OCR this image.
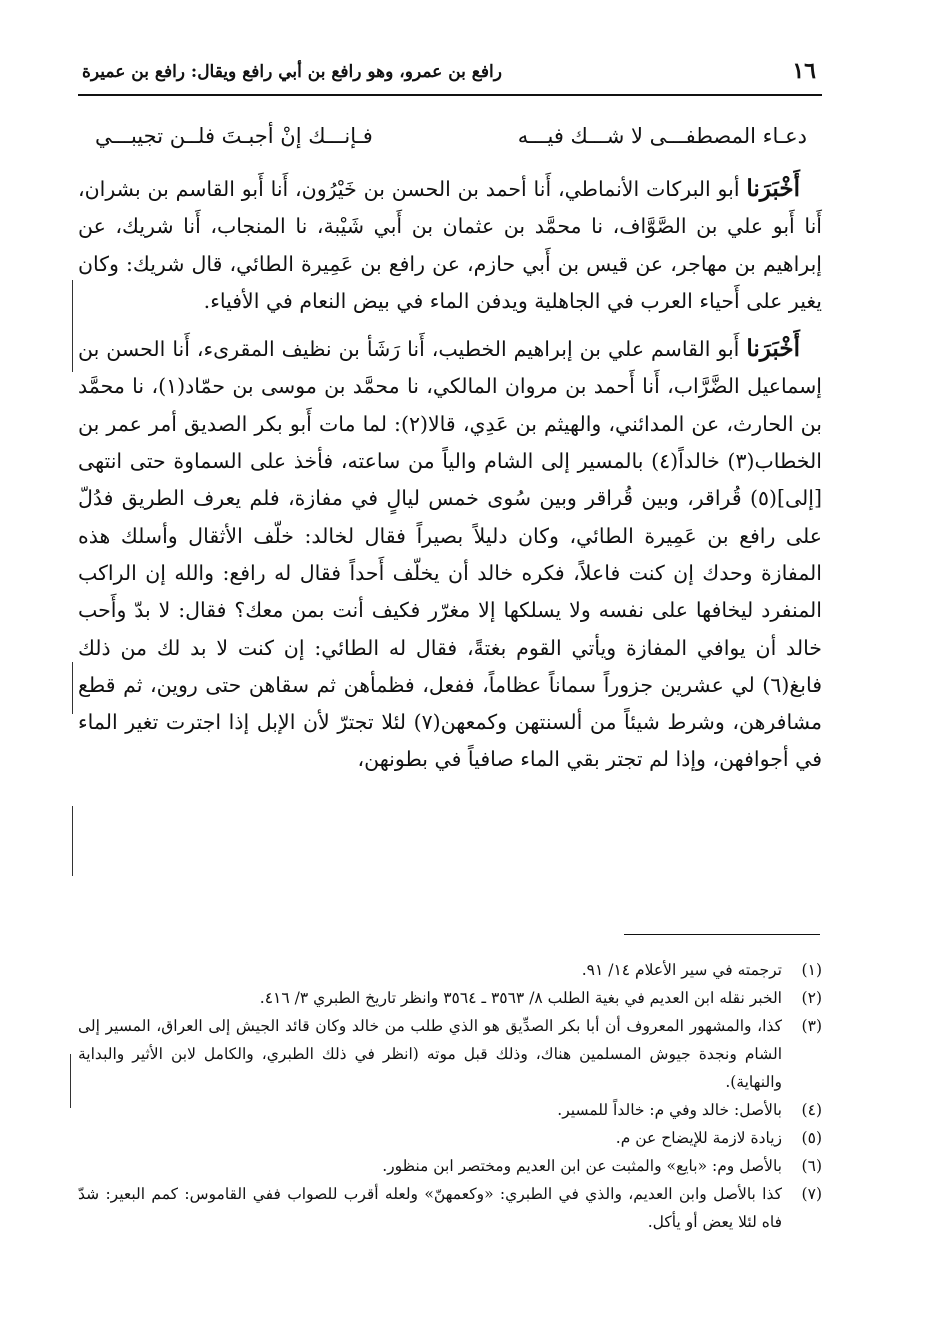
١٦
رافع بن عمرو، وهو رافع بن أبي رافع ويقال: رافع بن عميرة
دعـاء المصطفـــى لا شـــك فيـــه
فـإنـــك إنْ أجبـتَ فلــن تجيبـــي

أَخْبَرَنا أبو البركات الأنماطي، أَنا أحمد بن الحسن بن خَيْرُون، أَنا أَبو القاسم بن بشران، أَنا أَبو علي بن الصَّوَّاف، نا محمَّد بن عثمان بن أَبي شَيْبة، نا المنجاب، أَنا شريك، عن إبراهيم بن مهاجر، عن قيس بن أَبي حازم، عن رافع بن عَمِيرة الطائي، قال شريك: وكان يغير على أَحياء العرب في الجاهلية ويدفن الماء في بيض النعام في الأفياء.

أَخْبَرَنا أَبو القاسم علي بن إبراهيم الخطيب، أَنا رَشَأ بن نظيف المقرىء، أَنا الحسن بن إسماعيل الضَّرَّاب، أَنا أَحمد بن مروان المالكي، نا محمَّد بن موسى بن حمّاد(١)، نا محمَّد بن الحارث، عن المدائني، والهيثم بن عَدِي، قالا(٢): لما مات أَبو بكر الصديق أمر عمر بن الخطاب(٣) خالداً(٤) بالمسير إلى الشام والياً من ساعته، فأخذ على السماوة حتى انتهى [إلى](٥) قُراقر، وبين قُراقر وبين سُوى خمس ليالٍ في مفازة، فلم يعرف الطريق فدُلّ على رافع بن عَمِيرة الطائي، وكان دليلاً بصيراً فقال لخالد: خلّف الأثقال وأسلك هذه المفازة وحدك إن كنت فاعلاً، فكره خالد أن يخلّف أَحداً فقال له رافع: والله إن الراكب المنفرد ليخافها على نفسه ولا يسلكها إلا مغرّر فكيف أنت بمن معك؟ فقال: لا بدّ وأَحب خالد أن يوافي المفازة ويأتي القوم بغتةً، فقال له الطائي: إن كنت لا بد لك من ذلك فابغ(٦) لي عشرين جزوراً سماناً عظاماً، ففعل، فظمأهن ثم سقاهن حتى روين، ثم قطع مشافرهن، وشرط شيئاً من ألسنتهن وكمعهن(٧) لئلا تجترّ لأن الإبل إذا اجترت تغير الماء في أجوافهن، وإذا لم تجتر بقي الماء صافياً في بطونهن،

(١)
ترجمته في سير الأعلام ١٤/ ٩١.
(٢)
الخبر نقله ابن العديم في بغية الطلب ٨/ ٣٥٦٣ ـ ٣٥٦٤ وانظر تاريخ الطبري ٣/ ٤١٦.
(٣)
كذا، والمشهور المعروف أن أبا بكر الصدِّيق هو الذي طلب من خالد وكان قائد الجيش إلى العراق، المسير إلى الشام ونجدة جيوش المسلمين هناك، وذلك قبل موته (انظر في ذلك الطبري، والكامل لابن الأثير والبداية والنهاية).
(٤)
بالأصل: خالد وفي م: خالداً للمسير.
(٥)
زيادة لازمة للإيضاح عن م.
(٦)
بالأصل وم: «بايع» والمثبت عن ابن العديم ومختصر ابن منظور.
(٧)
كذا بالأصل وابن العديم، والذي في الطبري: «وكعمهنّ» ولعله أقرب للصواب ففي القاموس: كمم البعير: شدّ فاه لئلا يعض أو يأكل.
